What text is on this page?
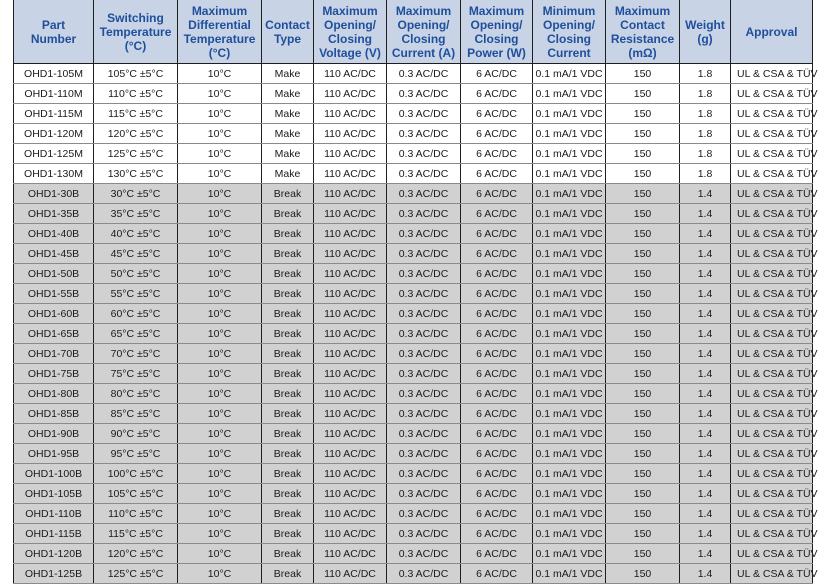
Part
Number	Switching
Temperature
(°C)	Maximum
Differential
Temperature
(°C)	Contact
Type	Maximum
Opening/
Closing
Voltage (V)	Maximum
Opening/
Closing
Current (A)	Maximum
Opening/
Closing
Power (W)	Minimum
Opening/
Closing
Current	Maximum
Contact
Resistance
(mΩ)	Weight
(g)	Approval

OHD1-105M	105°C ±5°C	10°C	Make	110 AC/DC	0.3 AC/DC	6 AC/DC	0.1 mA/1 VDC	150	1.8	UL & CSA & TÜV
OHD1-110M	110°C ±5°C	10°C	Make	110 AC/DC	0.3 AC/DC	6 AC/DC	0.1 mA/1 VDC	150	1.8	UL & CSA & TÜV
OHD1-115M	115°C ±5°C	10°C	Make	110 AC/DC	0.3 AC/DC	6 AC/DC	0.1 mA/1 VDC	150	1.8	UL & CSA & TÜV
OHD1-120M	120°C ±5°C	10°C	Make	110 AC/DC	0.3 AC/DC	6 AC/DC	0.1 mA/1 VDC	150	1.8	UL & CSA & TÜV
OHD1-125M	125°C ±5°C	10°C	Make	110 AC/DC	0.3 AC/DC	6 AC/DC	0.1 mA/1 VDC	150	1.8	UL & CSA & TÜV
OHD1-130M	130°C ±5°C	10°C	Make	110 AC/DC	0.3 AC/DC	6 AC/DC	0.1 mA/1 VDC	150	1.8	UL & CSA & TÜV
OHD1-30B	30°C ±5°C	10°C	Break	110 AC/DC	0.3 AC/DC	6 AC/DC	0.1 mA/1 VDC	150	1.4	UL & CSA & TÜV
OHD1-35B	35°C ±5°C	10°C	Break	110 AC/DC	0.3 AC/DC	6 AC/DC	0.1 mA/1 VDC	150	1.4	UL & CSA & TÜV
OHD1-40B	40°C ±5°C	10°C	Break	110 AC/DC	0.3 AC/DC	6 AC/DC	0.1 mA/1 VDC	150	1.4	UL & CSA & TÜV
OHD1-45B	45°C ±5°C	10°C	Break	110 AC/DC	0.3 AC/DC	6 AC/DC	0.1 mA/1 VDC	150	1.4	UL & CSA & TÜV
OHD1-50B	50°C ±5°C	10°C	Break	110 AC/DC	0.3 AC/DC	6 AC/DC	0.1 mA/1 VDC	150	1.4	UL & CSA & TÜV
OHD1-55B	55°C ±5°C	10°C	Break	110 AC/DC	0.3 AC/DC	6 AC/DC	0.1 mA/1 VDC	150	1.4	UL & CSA & TÜV
OHD1-60B	60°C ±5°C	10°C	Break	110 AC/DC	0.3 AC/DC	6 AC/DC	0.1 mA/1 VDC	150	1.4	UL & CSA & TÜV
OHD1-65B	65°C ±5°C	10°C	Break	110 AC/DC	0.3 AC/DC	6 AC/DC	0.1 mA/1 VDC	150	1.4	UL & CSA & TÜV
OHD1-70B	70°C ±5°C	10°C	Break	110 AC/DC	0.3 AC/DC	6 AC/DC	0.1 mA/1 VDC	150	1.4	UL & CSA & TÜV
OHD1-75B	75°C ±5°C	10°C	Break	110 AC/DC	0.3 AC/DC	6 AC/DC	0.1 mA/1 VDC	150	1.4	UL & CSA & TÜV
OHD1-80B	80°C ±5°C	10°C	Break	110 AC/DC	0.3 AC/DC	6 AC/DC	0.1 mA/1 VDC	150	1.4	UL & CSA & TÜV
OHD1-85B	85°C ±5°C	10°C	Break	110 AC/DC	0.3 AC/DC	6 AC/DC	0.1 mA/1 VDC	150	1.4	UL & CSA & TÜV
OHD1-90B	90°C ±5°C	10°C	Break	110 AC/DC	0.3 AC/DC	6 AC/DC	0.1 mA/1 VDC	150	1.4	UL & CSA & TÜV
OHD1-95B	95°C ±5°C	10°C	Break	110 AC/DC	0.3 AC/DC	6 AC/DC	0.1 mA/1 VDC	150	1.4	UL & CSA & TÜV
OHD1-100B	100°C ±5°C	10°C	Break	110 AC/DC	0.3 AC/DC	6 AC/DC	0.1 mA/1 VDC	150	1.4	UL & CSA & TÜV
OHD1-105B	105°C ±5°C	10°C	Break	110 AC/DC	0.3 AC/DC	6 AC/DC	0.1 mA/1 VDC	150	1.4	UL & CSA & TÜV
OHD1-110B	110°C ±5°C	10°C	Break	110 AC/DC	0.3 AC/DC	6 AC/DC	0.1 mA/1 VDC	150	1.4	UL & CSA & TÜV
OHD1-115B	115°C ±5°C	10°C	Break	110 AC/DC	0.3 AC/DC	6 AC/DC	0.1 mA/1 VDC	150	1.4	UL & CSA & TÜV
OHD1-120B	120°C ±5°C	10°C	Break	110 AC/DC	0.3 AC/DC	6 AC/DC	0.1 mA/1 VDC	150	1.4	UL & CSA & TÜV
OHD1-125B	125°C ±5°C	10°C	Break	110 AC/DC	0.3 AC/DC	6 AC/DC	0.1 mA/1 VDC	150	1.4	UL & CSA & TÜV
